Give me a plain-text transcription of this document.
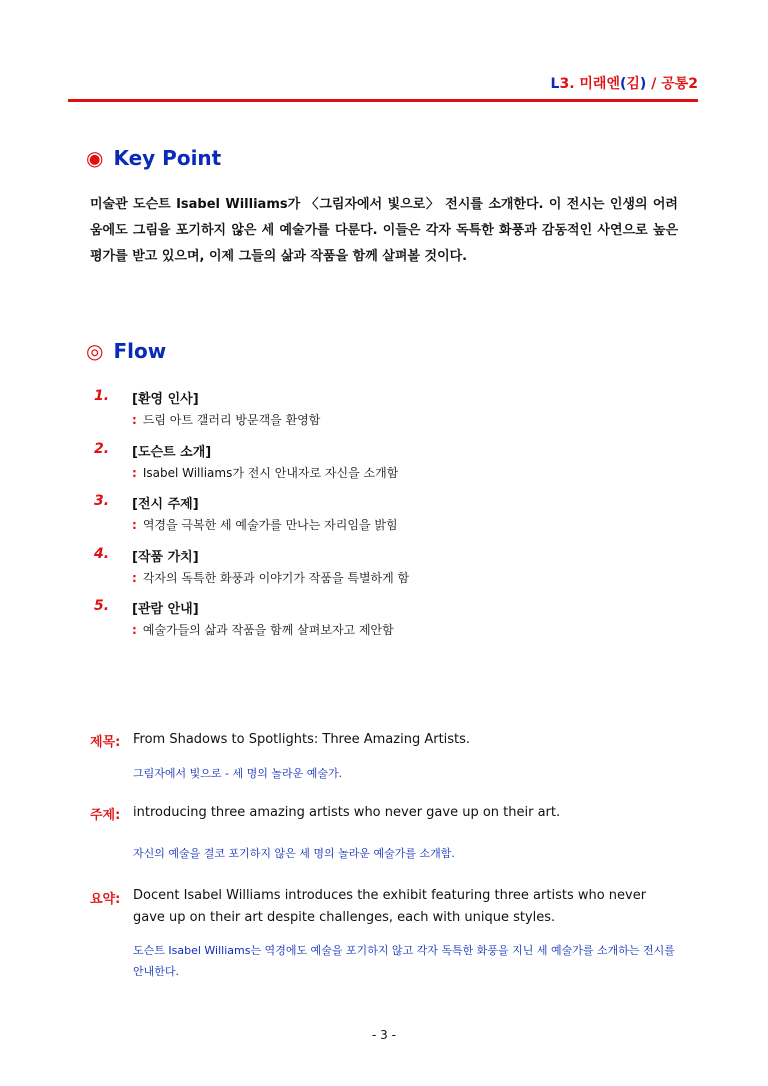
L3. 미래엔(김) / 공통2
◉ Key Point

미술관 도슨트 Isabel Williams가 〈그림자에서 빛으로〉 전시를 소개한다. 이 전시는 인생의 어려움에도 그림을 포기하지 않은 세 예술가를 다룬다. 이들은 각자 독특한 화풍과 감동적인 사연으로 높은 평가를 받고 있으며, 이제 그들의 삶과 작품을 함께 살펴볼 것이다.

◎ Flow
1.	[환영 인사]
: 드림 아트 갤러리 방문객을 환영함
2.	[도슨트 소개]
: Isabel Williams가 전시 안내자로 자신을 소개함
3.	[전시 주제]
: 역경을 극복한 세 예술가를 만나는 자리임을 밝힘
4.	[작품 가치]
: 각자의 독특한 화풍과 이야기가 작품을 특별하게 함
5.	[관람 안내]
: 예술가들의 삶과 작품을 함께 살펴보자고 제안함
제목: From Shadows to Spotlights: Three Amazing Artists.

그림자에서 빛으로 - 세 명의 놀라운 예술가.

주제: introducing three amazing artists who never gave up on their art.

자신의 예술을 결코 포기하지 않은 세 명의 놀라운 예술가를 소개함.

요약: Docent Isabel Williams introduces the exhibit featuring three artists who never gave up on their art despite challenges, each with unique styles.

도슨트 Isabel Williams는 역경에도 예술을 포기하지 않고 각자 독특한 화풍을 지닌 세 예술가를 소개하는 전시를 안내한다.

- 3 -
